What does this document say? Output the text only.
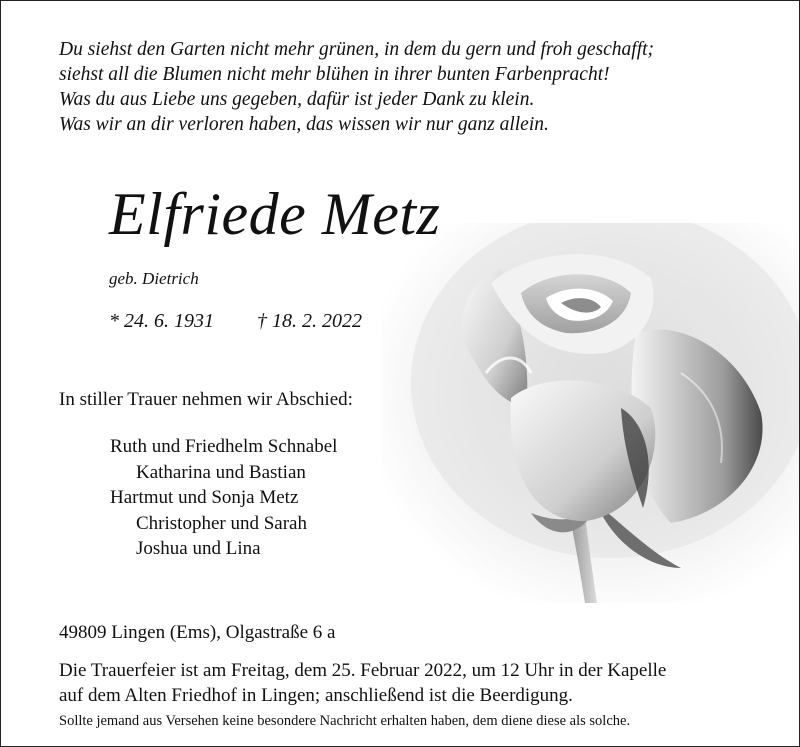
Du siehst den Garten nicht mehr grünen, in dem du gern und froh geschafft;
siehst all die Blumen nicht mehr blühen in ihrer bunten Farbenpracht!
Was du aus Liebe uns gegeben, dafür ist jeder Dank zu klein.
Was wir an dir verloren haben, das wissen wir nur ganz allein.
Elfriede Metz
geb. Dietrich
* 24. 6. 1931 † 18. 2. 2022
In stiller Trauer nehmen wir Abschied:
Ruth und Friedhelm Schnabel
Katharina und Bastian
Hartmut und Sonja Metz
Christopher und Sarah
Joshua und Lina
49809 Lingen (Ems), Olgastraße 6 a
Die Trauerfeier ist am Freitag, dem 25. Februar 2022, um 12 Uhr in der Kapelle
auf dem Alten Friedhof in Lingen; anschließend ist die Beerdigung.
Sollte jemand aus Versehen keine besondere Nachricht erhalten haben, dem diene diese als solche.
